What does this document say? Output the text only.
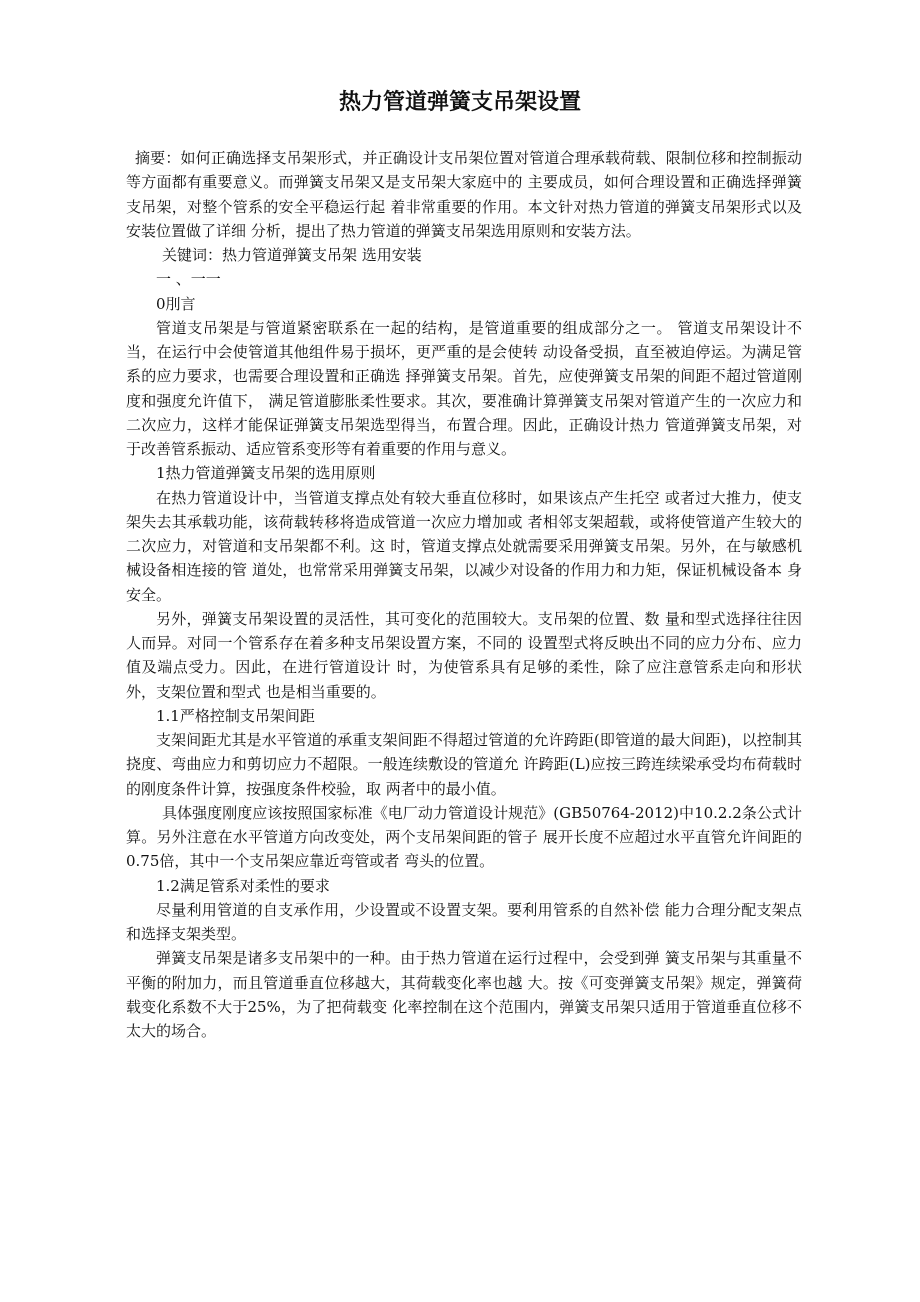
热力管道弹簧支吊架设置

摘要：如何正确选择支吊架形式，并正确设计支吊架位置对管道合理承载荷载、限制位移和控制振动等方面都有重要意义。而弹簧支吊架又是支吊架大家庭中的 主要成员，如何合理设置和正确选择弹簧支吊架，对整个管系的安全平稳运行起 着非常重要的作用。本文针对热力管道的弹簧支吊架形式以及安装位置做了详细 分析，提出了热力管道的弹簧支吊架选用原则和安装方法。

关键词：热力管道弹簧支吊架 选用安装

一 、一一

0刖言

管道支吊架是与管道紧密联系在一起的结构，是管道重要的组成部分之一。 管道支吊架设计不当，在运行中会使管道其他组件易于损坏，更严重的是会使转 动设备受损，直至被迫停运。为满足管系的应力要求，也需要合理设置和正确选 择弹簧支吊架。首先，应使弹簧支吊架的间距不超过管道刚度和强度允许值下， 满足管道膨胀柔性要求。其次，要准确计算弹簧支吊架对管道产生的一次应力和 二次应力，这样才能保证弹簧支吊架选型得当，布置合理。因此，正确设计热力 管道弹簧支吊架，对于改善管系振动、适应管系变形等有着重要的作用与意义。

1热力管道弹簧支吊架的选用原则

在热力管道设计中，当管道支撑点处有较大垂直位移时，如果该点产生托空 或者过大推力，使支架失去其承载功能，该荷载转移将造成管道一次应力增加或 者相邻支架超载，或将使管道产生较大的二次应力，对管道和支吊架都不利。这 时，管道支撑点处就需要采用弹簧支吊架。另外，在与敏感机械设备相连接的管 道处，也常常采用弹簧支吊架，以减少对设备的作用力和力矩，保证机械设备本 身安全。

另外，弹簧支吊架设置的灵活性，其可变化的范围较大。支吊架的位置、数 量和型式选择往往因人而异。对同一个管系存在着多种支吊架设置方案，不同的 设置型式将反映出不同的应力分布、应力值及端点受力。因此，在进行管道设计 时，为使管系具有足够的柔性，除了应注意管系走向和形状外，支架位置和型式 也是相当重要的。

1.1严格控制支吊架间距

支架间距尤其是水平管道的承重支架间距不得超过管道的允许跨距(即管道的最大间距)，以控制其挠度、弯曲应力和剪切应力不超限。一般连续敷设的管道允 许跨距(L)应按三跨连续梁承受均布荷载时的刚度条件计算，按强度条件校验，取 两者中的最小值。

具体强度刚度应该按照国家标准《电厂动力管道设计规范》(GB50764-2012)中10.2.2条公式计算。另外注意在水平管道方向改变处，两个支吊架间距的管子 展开长度不应超过水平直管允许间距的0.75倍，其中一个支吊架应靠近弯管或者 弯头的位置。

1.2满足管系对柔性的要求

尽量利用管道的自支承作用，少设置或不设置支架。要利用管系的自然补偿 能力合理分配支架点和选择支架类型。

弹簧支吊架是诸多支吊架中的一种。由于热力管道在运行过程中，会受到弹 簧支吊架与其重量不平衡的附加力，而且管道垂直位移越大，其荷载变化率也越 大。按《可变弹簧支吊架》规定，弹簧荷载变化系数不大于25%，为了把荷载变 化率控制在这个范围内，弹簧支吊架只适用于管道垂直位移不太大的场合。
